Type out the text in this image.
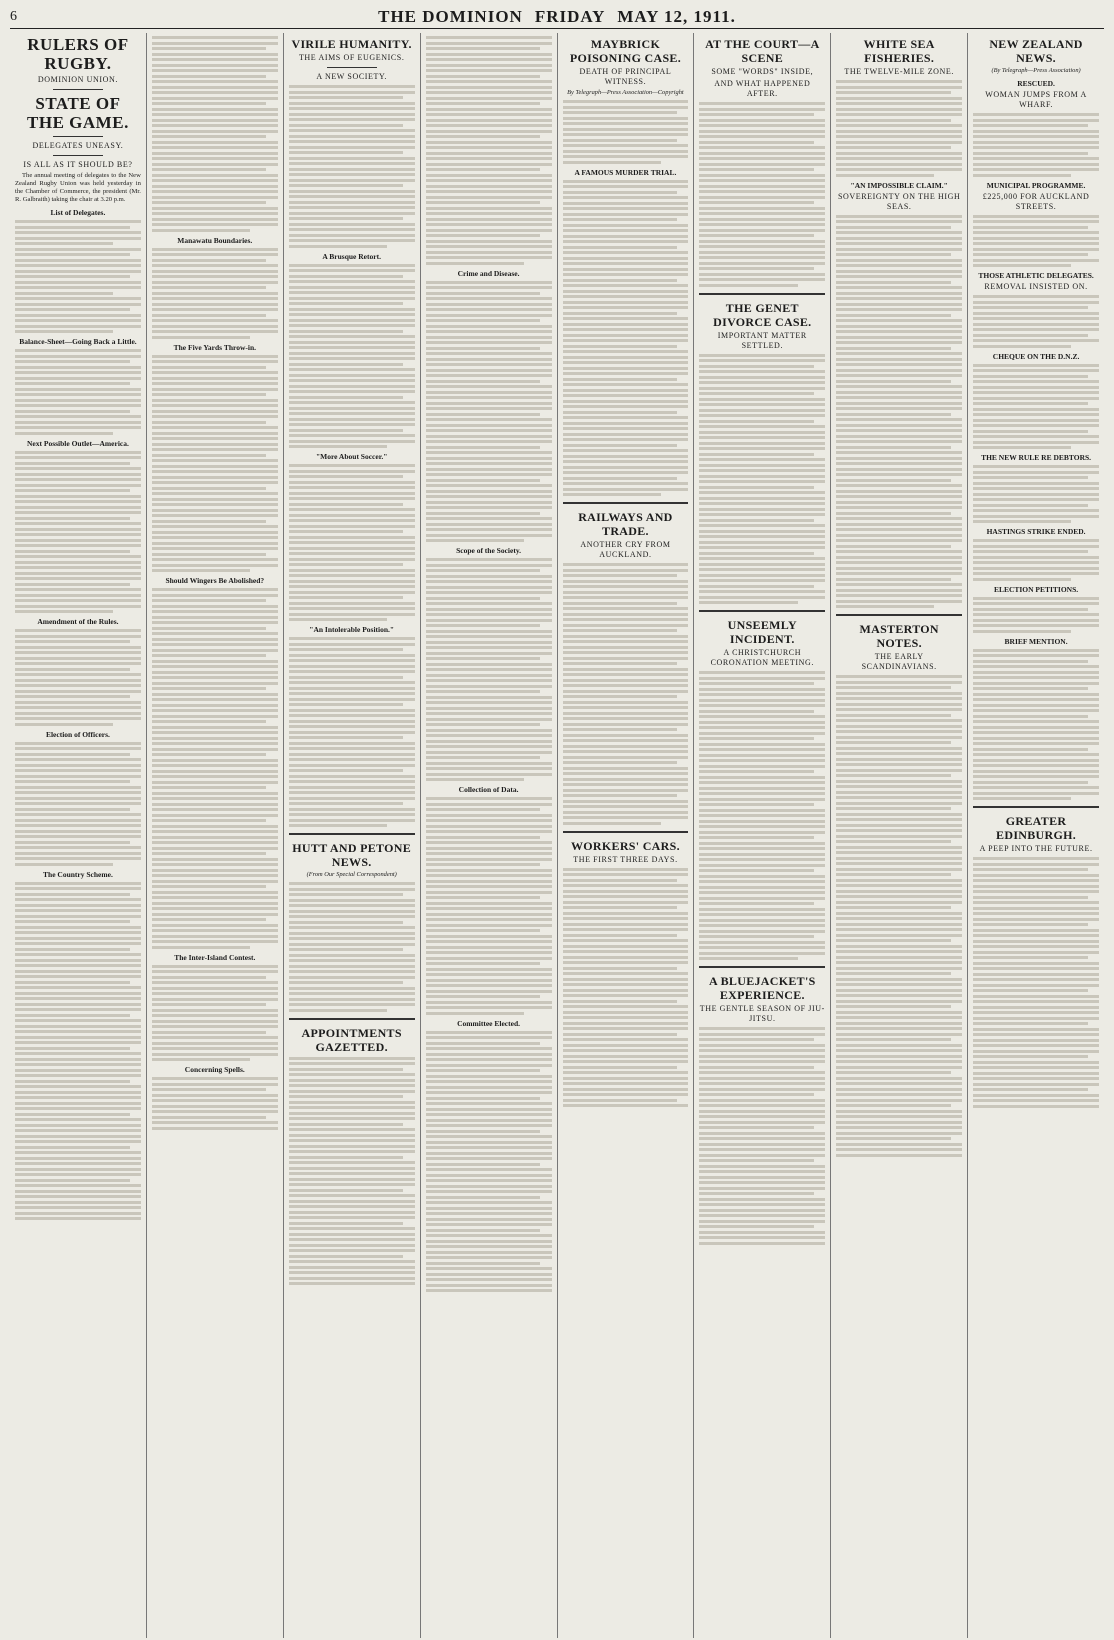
6	THE DOMINION FRIDAY MAY 12, 1911.
RULERS OF RUGBY.
DOMINION UNION.
STATE OF THE GAME.
DELEGATES UNEASY.
IS ALL AS IT SHOULD BE?

The annual meeting of delegates to the New Zealand Rugby Union was held yesterday in the Chamber of Commerce, the president (Mr. R. Galbraith) taking the chair at 3.20 p.m.

List of Delegates.
Balance-Sheet—Going Back a Little.
Next Possible Outlet—America.
Amendment of the Rules.
Election of Officers.
The Country Scheme.
Manawatu Boundaries.
The Five Yards Throw-in.
Should Wingers Be Abolished?
The Inter-Island Contest.
Concerning Spells.
VIRILE HUMANITY.
THE AIMS OF EUGENICS.
A NEW SOCIETY.
A Brusque Retort.
"More About Soccer."
"An Intolerable Position."
HUTT AND PETONE NEWS.
(From Our Special Correspondent)
APPOINTMENTS GAZETTED.
Crime and Disease.
Scope of the Society.
Collection of Data.
Committee Elected.
MAYBRICK POISONING CASE.
DEATH OF PRINCIPAL WITNESS.
By Telegraph—Press Association—Copyright
A FAMOUS MURDER TRIAL.
RAILWAYS AND TRADE.
ANOTHER CRY FROM AUCKLAND.
WORKERS' CARS.
THE FIRST THREE DAYS.
AT THE COURT—A SCENE
SOME "WORDS" INSIDE,
AND WHAT HAPPENED AFTER.
THE GENET DIVORCE CASE.
IMPORTANT MATTER SETTLED.
UNSEEMLY INCIDENT.
A CHRISTCHURCH CORONATION MEETING.
A BLUEJACKET'S EXPERIENCE.
THE GENTLE SEASON OF JIU-JITSU.
WHITE SEA FISHERIES.
THE TWELVE-MILE ZONE.
"AN IMPOSSIBLE CLAIM."
SOVEREIGNTY ON THE HIGH SEAS.
MASTERTON NOTES.
THE EARLY SCANDINAVIANS.
NEW ZEALAND NEWS.
(By Telegraph—Press Association)
RESCUED.
WOMAN JUMPS FROM A WHARF.
MUNICIPAL PROGRAMME.
£225,000 FOR AUCKLAND STREETS.
THOSE ATHLETIC DELEGATES.
REMOVAL INSISTED ON.
CHEQUE ON THE D.N.Z.
THE NEW RULE RE DEBTORS.
HASTINGS STRIKE ENDED.
ELECTION PETITIONS.
BRIEF MENTION.
GREATER EDINBURGH.
A PEEP INTO THE FUTURE.
